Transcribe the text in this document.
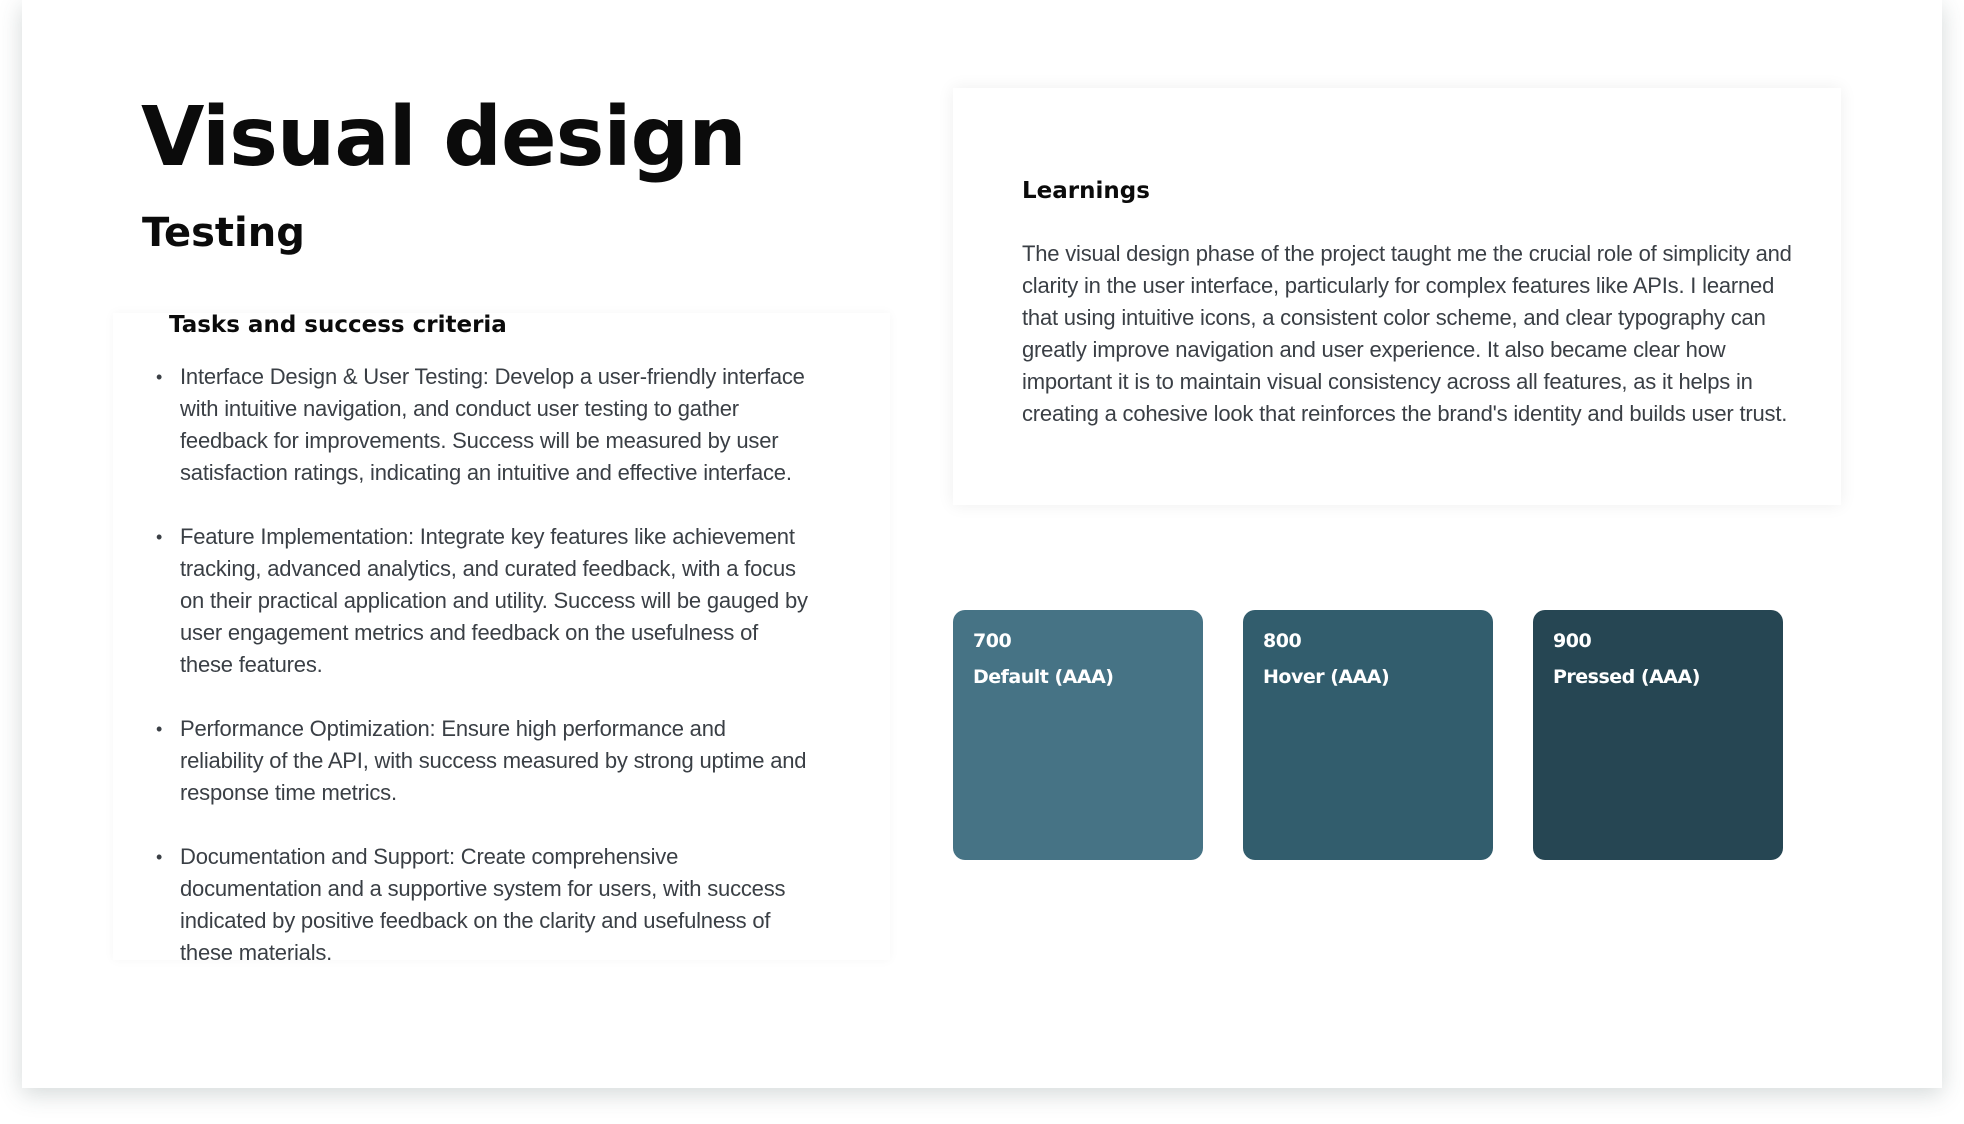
Visual design
Testing
Tasks and success criteria
• Interface Design & User Testing: Develop a user-friendly interface with intuitive navigation, and conduct user testing to gather feedback for improvements. Success will be measured by user satisfaction ratings, indicating an intuitive and effective interface.
• Feature Implementation: Integrate key features like achievement tracking, advanced analytics, and curated feedback, with a focus on their practical application and utility. Success will be gauged by user engagement metrics and feedback on the usefulness of these features.
• Performance Optimization: Ensure high performance and reliability of the API, with success measured by strong uptime and response time metrics.
• Documentation and Support: Create comprehensive documentation and a supportive system for users, with success indicated by positive feedback on the clarity and usefulness of these materials.
Learnings

The visual design phase of the project taught me the crucial role of simplicity and clarity in the user interface, particularly for complex features like APIs. I learned that using intuitive icons, a consistent color scheme, and clear typography can greatly improve navigation and user experience. It also became clear how important it is to maintain visual consistency across all features, as it helps in creating a cohesive look that reinforces the brand's identity and builds user trust.

700
Default (AAA)
800
Hover (AAA)
900
Pressed (AAA)
